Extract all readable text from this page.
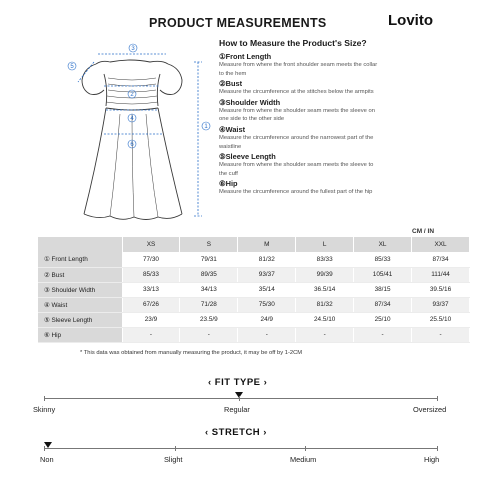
PRODUCT MEASUREMENTS	Lovito
3
5
2
4
6
1
How to Measure the Product's Size?
①Front Length
Measure from where the front shoulder seam meets the collar
to the hem
②Bust
Measure the circumference at the stitches below the armpits
③Shoulder Width
Measure from where the shoulder seam meets the sleeve on
one side to the other side
④Waist
Measure the circumference around the narrowest part of the
waistline
⑤Sleeve Length
Measure from where the shoulder seam meets the sleeve to
the cuff
⑥Hip
Measure the circumference around the fullest part of the hip
CM / IN
	XS	S	M	L	XL	XXL
① Front Length	77/30	79/31	81/32	83/33	85/33	87/34
② Bust	85/33	89/35	93/37	99/39	105/41	111/44
③ Shoulder Width	33/13	34/13	35/14	36.5/14	38/15	39.5/16
④ Waist	67/26	71/28	75/30	81/32	87/34	93/37
⑤ Sleeve Length	23/9	23.5/9	24/9	24.5/10	25/10	25.5/10
⑥ Hip	-	-	-	-	-	-
* This data was obtained from manually measuring the product, it may be off by 1-2CM
‹ FIT TYPE ›
Skinny	Regular	Oversized
‹ STRETCH ›
Non	Slight	Medium	High
